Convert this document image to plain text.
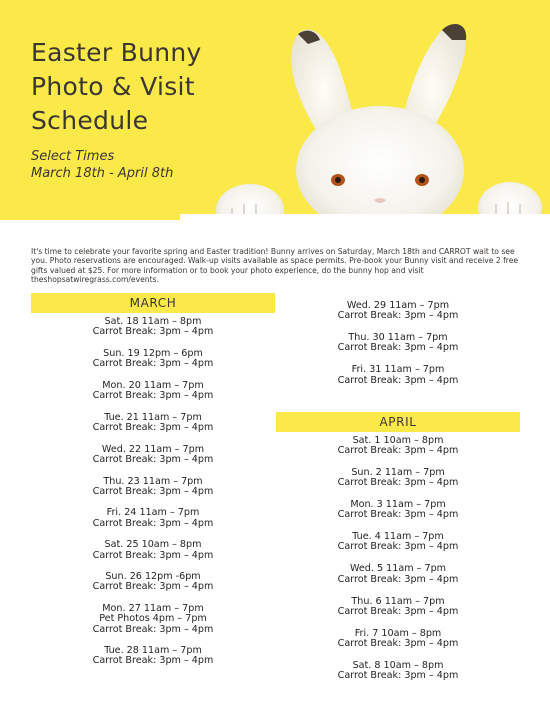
Easter Bunny
Photo & Visit
Schedule
Select Times
March 18th - April 8th

It's time to celebrate your favorite spring and Easter tradition! Bunny arrives on Saturday, March 18th and CARROT wait to see you. Photo reservations are encouraged. Walk-up visits available as space permits. Pre-book your Bunny visit and receive 2 free gifts valued at $25. For more information or to book your photo experience, do the bunny hop and visit theshopsatwiregrass.com/events.

MARCH
Sat. 18 11am – 8pm
Carrot Break: 3pm – 4pm
Sun. 19 12pm – 6pm
Carrot Break: 3pm – 4pm
Mon. 20 11am – 7pm
Carrot Break: 3pm – 4pm
Tue. 21 11am – 7pm
Carrot Break: 3pm – 4pm
Wed. 22 11am – 7pm
Carrot Break: 3pm – 4pm
Thu. 23 11am – 7pm
Carrot Break: 3pm – 4pm
Fri. 24 11am – 7pm
Carrot Break: 3pm – 4pm
Sat. 25 10am – 8pm
Carrot Break: 3pm – 4pm
Sun. 26 12pm -6pm
Carrot Break: 3pm – 4pm
Mon. 27 11am – 7pm
Pet Photos 4pm – 7pm
Carrot Break: 3pm – 4pm
Tue. 28 11am – 7pm
Carrot Break: 3pm – 4pm
Wed. 29 11am – 7pm
Carrot Break: 3pm – 4pm
Thu. 30 11am – 7pm
Carrot Break: 3pm – 4pm
Fri. 31 11am – 7pm
Carrot Break: 3pm – 4pm
APRIL
Sat. 1 10am – 8pm
Carrot Break: 3pm – 4pm
Sun. 2 11am – 7pm
Carrot Break: 3pm – 4pm
Mon. 3 11am – 7pm
Carrot Break: 3pm – 4pm
Tue. 4 11am – 7pm
Carrot Break: 3pm – 4pm
Wed. 5 11am – 7pm
Carrot Break: 3pm – 4pm
Thu. 6 11am – 7pm
Carrot Break: 3pm – 4pm
Fri. 7 10am – 8pm
Carrot Break: 3pm – 4pm
Sat. 8 10am – 8pm
Carrot Break: 3pm – 4pm
